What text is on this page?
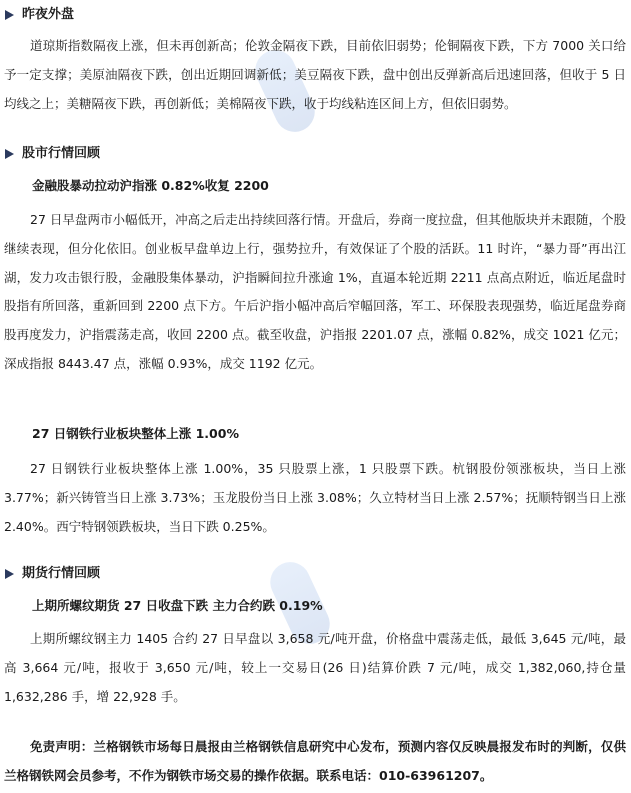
昨夜外盘

道琼斯指数隔夜上涨，但未再创新高；伦敦金隔夜下跌，目前依旧弱势；伦铜隔夜下跌，下方 7000 关口给予一定支撑；美原油隔夜下跌，创出近期回调新低；美豆隔夜下跌，盘中创出反弹新高后迅速回落，但收于 5 日均线之上；美糖隔夜下跌，再创新低；美棉隔夜下跌，收于均线粘连区间上方，但依旧弱势。

股市行情回顾
金融股暴动拉动沪指涨 0.82%收复 2200

27 日早盘两市小幅低开，冲高之后走出持续回落行情。开盘后，券商一度拉盘，但其他版块并未跟随，个股继续表现，但分化依旧。创业板早盘单边上行，强势拉升，有效保证了个股的活跃。11 时许，“暴力哥”再出江湖，发力攻击银行股，金融股集体暴动，沪指瞬间拉升涨逾 1%，直逼本轮近期 2211 点高点附近，临近尾盘时股指有所回落，重新回到 2200 点下方。午后沪指小幅冲高后窄幅回落，军工、环保股表现强势，临近尾盘券商股再度发力，沪指震荡走高，收回 2200 点。截至收盘，沪指报 2201.07 点，涨幅 0.82%，成交 1021 亿元；深成指报 8443.47 点，涨幅 0.93%，成交 1192 亿元。

27 日钢铁行业板块整体上涨 1.00%

27 日钢铁行业板块整体上涨 1.00%，35 只股票上涨，1 只股票下跌。杭钢股份领涨板块，当日上涨 3.77%；新兴铸管当日上涨 3.73%；玉龙股份当日上涨 3.08%；久立特材当日上涨 2.57%；抚顺特钢当日上涨 2.40%。西宁特钢领跌板块，当日下跌 0.25%。

期货行情回顾
上期所螺纹期货 27 日收盘下跌 主力合约跌 0.19%

上期所螺纹钢主力 1405 合约 27 日早盘以 3,658 元/吨开盘，价格盘中震荡走低，最低 3,645 元/吨，最高 3,664 元/吨，报收于 3,650 元/吨，较上一交易日(26 日)结算价跌 7 元/吨，成交 1,382,060,持仓量 1,632,286 手，增 22,928 手。

免责声明：兰格钢铁市场每日晨报由兰格钢铁信息研究中心发布，预测内容仅反映晨报发布时的判断，仅供兰格钢铁网会员参考，不作为钢铁市场交易的操作依据。联系电话：010-63961207。
